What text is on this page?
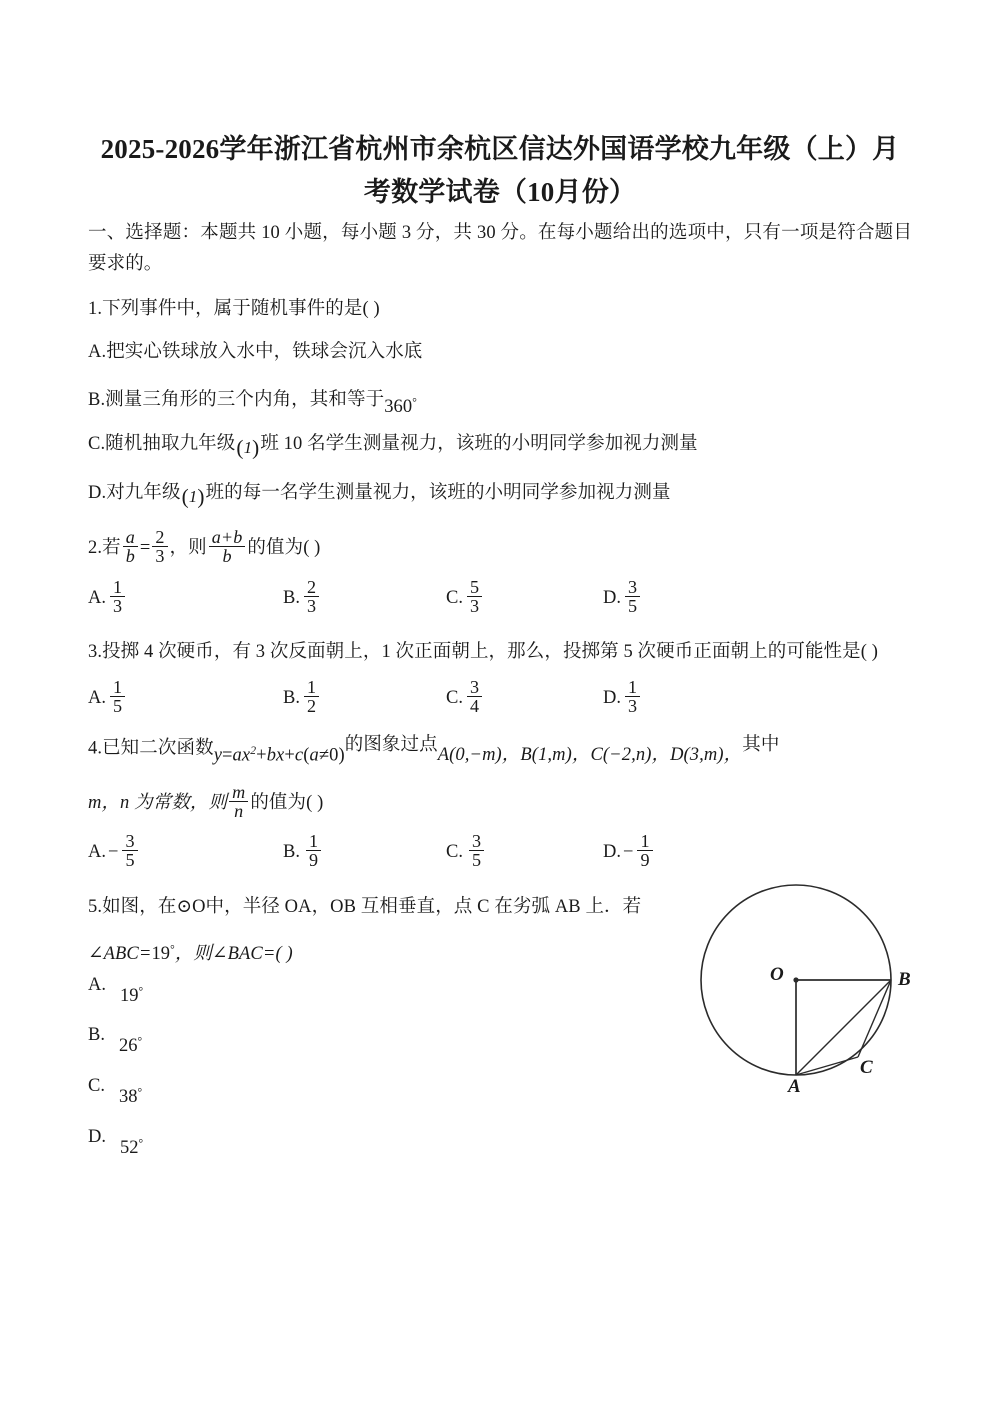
2025-2026学年浙江省杭州市余杭区信达外国语学校九年级（上）月
考数学试卷（10月份）
一、选择题：本题共 10 小题，每小题 3 分，共 30 分。在每小题给出的选项中，只有一项是符合题目要求的。
1.下列事件中，属于随机事件的是( )
A.把实心铁球放入水中，铁球会沉入水底
B.测量三角形的三个内角，其和等于360°
C.随机抽取九年级(1)班 10 名学生测量视力，该班的小明同学参加视力测量
D.对九年级(1)班的每一名学生测量视力，该班的小明同学参加视力测量
2.若 $\frac{a}{b} = \frac{2}{3}$ ，则 $\frac{a+b}{b}$ 的值为( )
A. $\frac{1}{3}$	B. $\frac{2}{3}$	C. $\frac{5}{3}$	D. $\frac{3}{5}$
3.投掷 4 次硬币，有 3 次反面朝上，1 次正面朝上，那么，投掷第 5 次硬币正面朝上的可能性是( )
A. $\frac{1}{5}$	B. $\frac{1}{2}$	C. $\frac{3}{4}$	D. $\frac{1}{3}$
4.已知二次函数$y=ax^2+bx+c(a\ne 0)$的图象过点A(0,−m)，B(1,m)，C(−2,n)，D(3,m)，其中
m，n 为常数，则 $\frac{m}{n}$ 的值为( )
A. − $\frac{3}{5}$	B. $\frac{1}{9}$	C. $\frac{3}{5}$	D. − $\frac{1}{9}$
5.如图，在⊙O中，半径 OA，OB 互相垂直，点 C 在劣弧 AB 上．若
∠ABC=19°，则∠BAC=( )
A.19°
B.26°
C.38°
D.52°
O	B
A
C
